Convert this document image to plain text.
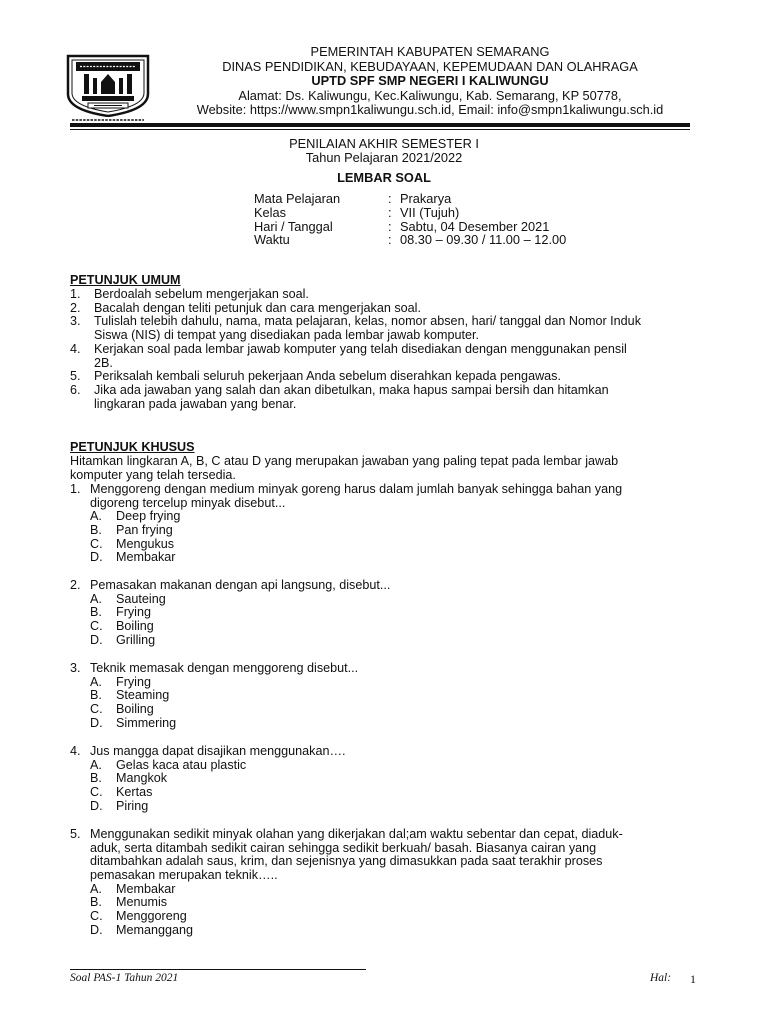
PEMERINTAH KABUPATEN SEMARANG
DINAS PENDIDIKAN, KEBUDAYAAN, KEPEMUDAAN DAN OLAHRAGA
UPTD SPF SMP NEGERI I KALIWUNGU
Alamat: Ds. Kaliwungu, Kec.Kaliwungu, Kab. Semarang, KP 50778,
Website: https://www.smpn1kaliwungu.sch.id, Email: info@smpn1kaliwungu.sch.id
PENILAIAN AKHIR SEMESTER I
Tahun Pelajaran 2021/2022
LEMBAR SOAL
Mata Pelajaran	: Prakarya
Kelas	: VII (Tujuh)
Hari / Tanggal	: Sabtu, 04 Desember 2021
Waktu	: 08.30 – 09.30 / 11.00 – 12.00
PETUNJUK UMUM
1. Berdoalah sebelum mengerjakan soal.
2. Bacalah dengan teliti petunjuk dan cara mengerjakan soal.
3. Tulislah telebih dahulu, nama, mata pelajaran, kelas, nomor absen, hari/ tanggal dan Nomor Induk
Siswa (NIS) di tempat yang disediakan pada lembar jawab komputer.
4. Kerjakan soal pada lembar jawab komputer yang telah disediakan dengan menggunakan pensil
2B.
5. Periksalah kembali seluruh pekerjaan Anda sebelum diserahkan kepada pengawas.
6. Jika ada jawaban yang salah dan akan dibetulkan, maka hapus sampai bersih dan hitamkan
lingkaran pada jawaban yang benar.
PETUNJUK KHUSUS
Hitamkan lingkaran A, B, C atau D yang merupakan jawaban yang paling tepat pada lembar jawab
komputer yang telah tersedia.
1. Menggoreng dengan medium minyak goreng harus dalam jumlah banyak sehingga bahan yang
digoreng tercelup minyak disebut...
A. Deep frying
B. Pan frying
C. Mengukus
D. Membakar
2. Pemasakan makanan dengan api langsung, disebut...
A. Sauteing
B. Frying
C. Boiling
D. Grilling
3. Teknik memasak dengan menggoreng disebut...
A. Frying
B. Steaming
C. Boiling
D. Simmering
4. Jus mangga dapat disajikan menggunakan….
A. Gelas kaca atau plastic
B. Mangkok
C. Kertas
D. Piring
5. Menggunakan sedikit minyak olahan yang dikerjakan dal;am waktu sebentar dan cepat, diaduk-
aduk, serta ditambah sedikit cairan sehingga sedikit berkuah/ basah. Biasanya cairan yang
ditambahkan adalah saus, krim, dan sejenisnya yang dimasukkan pada saat terakhir proses
pemasakan merupakan teknik…..
A. Membakar
B. Menumis
C. Menggoreng
D. Memanggang
Soal PAS-1 Tahun 2021	Hal: 1
